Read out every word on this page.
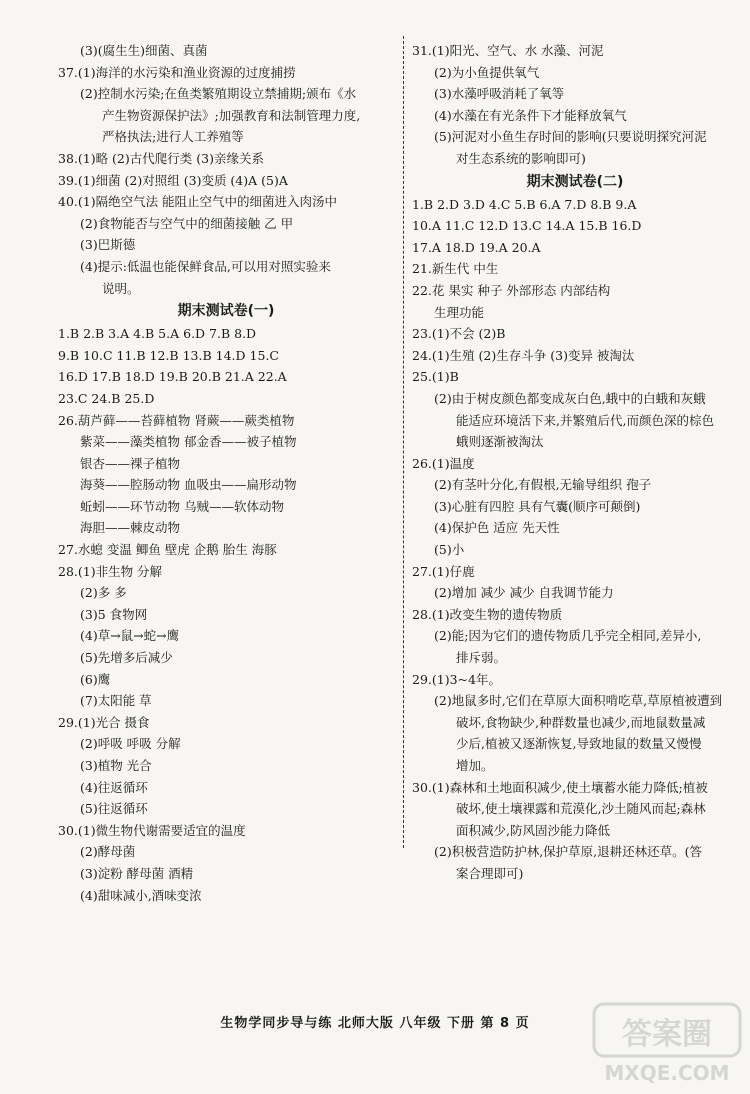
(3)(腐生生)细菌、真菌
37.(1)海洋的水污染和渔业资源的过度捕捞
(2)控制水污染;在鱼类繁殖期设立禁捕期;颁布《水
产生物资源保护法》;加强教育和法制管理力度,
严格执法;进行人工养殖等
38.(1)略 (2)古代爬行类 (3)亲缘关系
39.(1)细菌 (2)对照组 (3)变质 (4)A (5)A
40.(1)隔绝空气法 能阻止空气中的细菌进入肉汤中
(2)食物能否与空气中的细菌接触 乙 甲
(3)巴斯德
(4)提示:低温也能保鲜食品,可以用对照实验来
说明。
期末测试卷(一)
1.B 2.B 3.A 4.B 5.A 6.D 7.B 8.D
9.B 10.C 11.B 12.B 13.B 14.D 15.C
16.D 17.B 18.D 19.B 20.B 21.A 22.A
23.C 24.B 25.D
26.葫芦藓——苔藓植物 肾蕨——蕨类植物
紫菜——藻类植物 郁金香——被子植物
银杏——裸子植物
海葵——腔肠动物 血吸虫——扁形动物
蚯蚓——环节动物 乌贼——软体动物
海胆——棘皮动物
27.水螅 变温 鲫鱼 壁虎 企鹅 胎生 海豚
28.(1)非生物 分解
(2)多 多
(3)5 食物网
(4)草→鼠→蛇→鹰
(5)先增多后减少
(6)鹰
(7)太阳能 草
29.(1)光合 摄食
(2)呼吸 呼吸 分解
(3)植物 光合
(4)往返循环
(5)往返循环
30.(1)微生物代谢需要适宜的温度
(2)酵母菌
(3)淀粉 酵母菌 酒精
(4)甜味减小,酒味变浓
31.(1)阳光、空气、水 水藻、河泥
(2)为小鱼提供氧气
(3)水藻呼吸消耗了氧等
(4)水藻在有光条件下才能释放氧气
(5)河泥对小鱼生存时间的影响(只要说明探究河泥
对生态系统的影响即可)
期末测试卷(二)
1.B 2.D 3.D 4.C 5.B 6.A 7.D 8.B 9.A
10.A 11.C 12.D 13.C 14.A 15.B 16.D
17.A 18.D 19.A 20.A
21.新生代 中生
22.花 果实 种子 外部形态 内部结构
生理功能
23.(1)不会 (2)B
24.(1)生殖 (2)生存斗争 (3)变异 被淘汰
25.(1)B
(2)由于树皮颜色都变成灰白色,蛾中的白蛾和灰蛾
能适应环境活下来,并繁殖后代,而颜色深的棕色
蛾则逐渐被淘汰
26.(1)温度
(2)有茎叶分化,有假根,无输导组织 孢子
(3)心脏有四腔 具有气囊(顺序可颠倒)
(4)保护色 适应 先天性
(5)小
27.(1)仔鹿
(2)增加 减少 减少 自我调节能力
28.(1)改变生物的遗传物质
(2)能;因为它们的遗传物质几乎完全相同,差异小,
排斥弱。
29.(1)3~4年。
(2)地鼠多时,它们在草原大面积啃吃草,草原植被遭到
破坏,食物缺少,种群数量也减少,而地鼠数量减
少后,植被又逐渐恢复,导致地鼠的数量又慢慢
增加。
30.(1)森林和土地面积减少,使土壤蓄水能力降低;植被
破坏,使土壤裸露和荒漠化,沙土随风而起;森林
面积减少,防风固沙能力降低
(2)积极营造防护林,保护草原,退耕还林还草。(答
案合理即可)
生物学同步导与练 北师大版 八年级 下册 第 8 页	答案圈
MXQE.COM
